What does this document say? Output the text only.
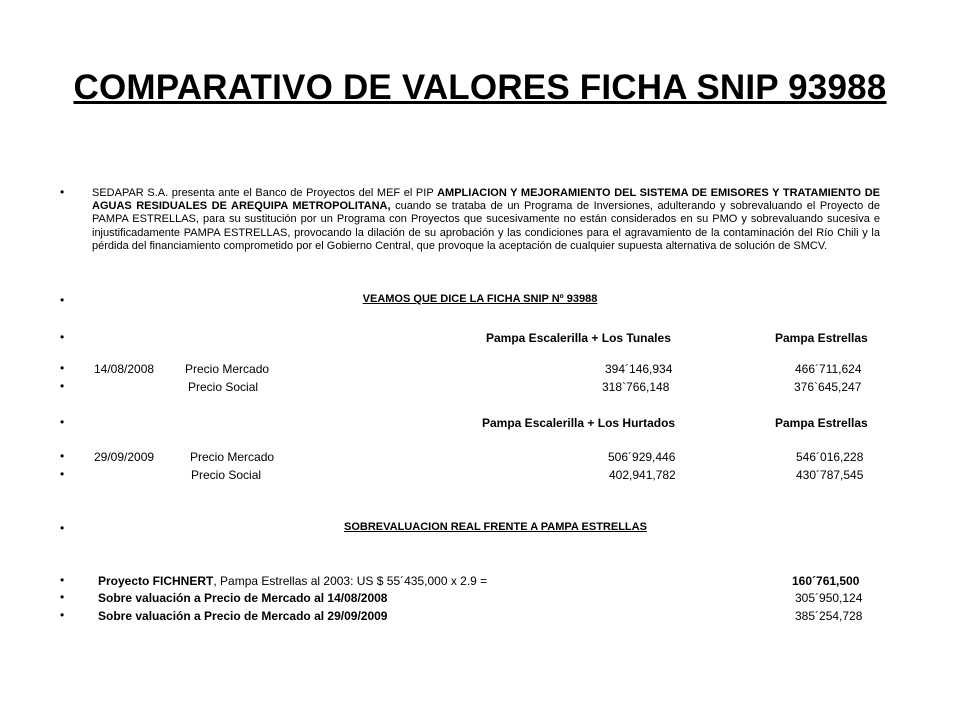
COMPARATIVO DE VALORES FICHA SNIP 93988
•	SEDAPAR S.A. presenta ante el Banco de Proyectos del MEF el PIP AMPLIACION Y MEJORAMIENTO DEL SISTEMA DE EMISORES Y TRATAMIENTO DE AGUAS RESIDUALES DE AREQUIPA METROPOLITANA, cuando se trataba de un Programa de Inversiones, adulterando y sobrevaluando el Proyecto de PAMPA ESTRELLAS, para su sustitución por un Programa con Proyectos que sucesivamente no están considerados en su PMO y sobrevaluando sucesiva e injustificadamente PAMPA ESTRELLAS, provocando la dilación de su aprobación y las condiciones para el agravamiento de la contaminación del Río Chili y la pérdida del financiamiento comprometido por el Gobierno Central, que provoque la aceptación de cualquier supuesta alternativa de solución de SMCV.
•	VEAMOS QUE DICE LA FICHA SNIP Nº 93988
•	Pampa Escalerilla + Los Tunales	Pampa Estrellas
• 14/08/2008	Precio Mercado	394´146,934	466´711,624
•	Precio Social	318`766,148	376`645,247
•	Pampa Escalerilla + Los Hurtados	Pampa Estrellas
• 29/09/2009	Precio Mercado	506´929,446	546´016,228
•	Precio Social	402,941,782	430´787,545
•	SOBREVALUACION REAL FRENTE A PAMPA ESTRELLAS
•	Proyecto FICHNERT, Pampa Estrellas al 2003: US $ 55´435,000 x 2.9 =	160´761,500
•	Sobre valuación a Precio de Mercado al 14/08/2008	305´950,124
•	Sobre valuación a Precio de Mercado al 29/09/2009	385´254,728
